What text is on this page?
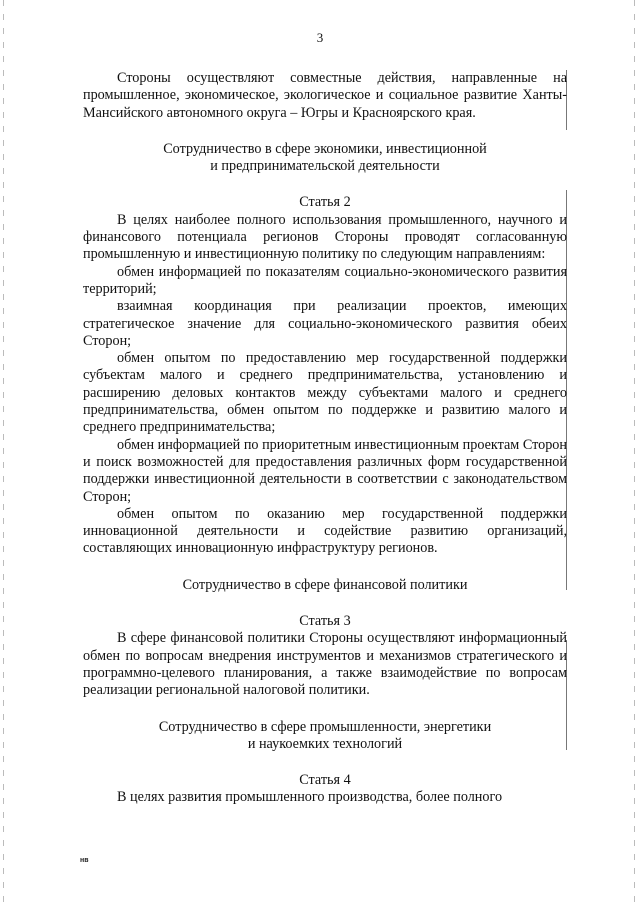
3

Стороны осуществляют совместные действия, направленные на промышленное, экономическое, экологическое и социальное развитие Ханты-Мансийского автономного округа – Югры и Красноярского края.

Сотрудничество в сфере экономики, инвестиционной
и предпринимательской деятельности
Статья 2

В целях наиболее полного использования промышленного, научного и финансового потенциала регионов Стороны проводят согласованную промышленную и инвестиционную политику по следующим направлениям:

обмен информацией по показателям социально-экономического развития территорий;

взаимная координация при реализации проектов, имеющих стратегическое значение для социально-экономического развития обеих Сторон;

обмен опытом по предоставлению мер государственной поддержки субъектам малого и среднего предпринимательства, установлению и расширению деловых контактов между субъектами малого и среднего предпринимательства, обмен опытом по поддержке и развитию малого и среднего предпринимательства;

обмен информацией по приоритетным инвестиционным проектам Сторон и поиск возможностей для предоставления различных форм государственной поддержки инвестиционной деятельности в соответствии с законодательством Сторон;

обмен опытом по оказанию мер государственной поддержки инновационной деятельности и содействие развитию организаций, составляющих инновационную инфраструктуру регионов.

Сотрудничество в сфере финансовой политики
Статья 3

В сфере финансовой политики Стороны осуществляют информационный обмен по вопросам внедрения инструментов и механизмов стратегического и программно-целевого планирования, а также взаимодействие по вопросам реализации региональной налоговой политики.

Сотрудничество в сфере промышленности, энергетики
и наукоемких технологий
Статья 4

В целях развития промышленного производства, более полного

нв
